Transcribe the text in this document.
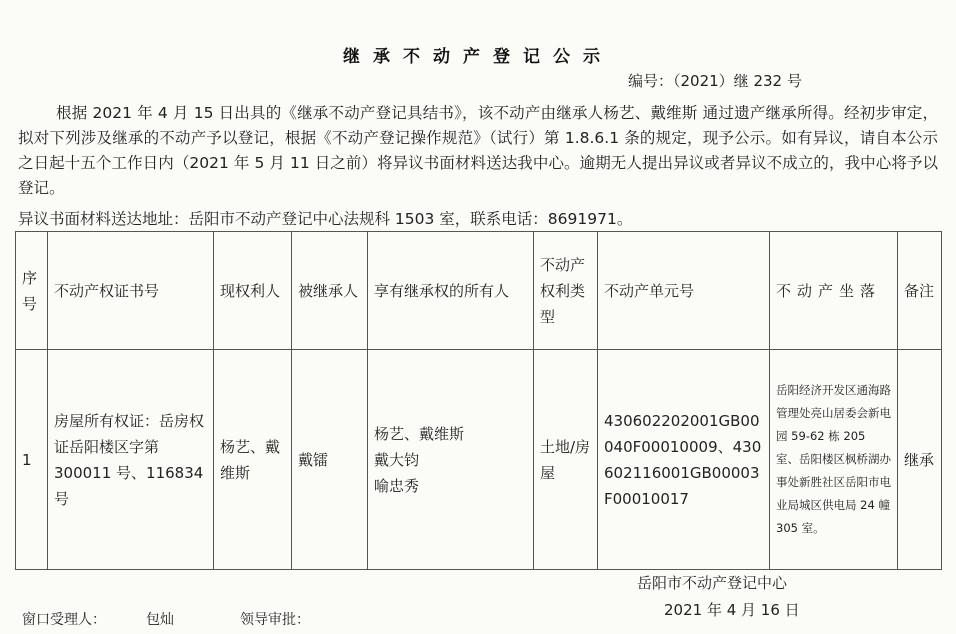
继承不动产登记公示
编号：（2021）继 232 号
根据 2021 年 4 月 15 日出具的《继承不动产登记具结书》，该不动产由继承人杨艺、戴维斯 通过遗产继承所得。经初步审定， 拟对下列涉及继承的不动产予以登记，根据《不动产登记操作规范》（试行）第 1.8.6.1 条的规定，现予公示。如有异议，请自本公示之日起十五个工作日内（2021 年 5 月 11 日之前）将异议书面材料送达我中心。逾期无人提出异议或者异议不成立的，我中心将予以登记。
异议书面材料送达地址：岳阳市不动产登记中心法规科 1503 室，联系电话：8691971。
序号	不动产权证书号	现权利人	被继承人	享有继承权的所有人	不动产权利类型	不动产单元号	不动产坐落	备注
1	房屋所有权证：岳房权证岳阳楼区字第 300011 号、116834 号	杨艺、戴维斯	戴镭	杨艺、戴维斯
戴大钧
喻忠秀	土地/房屋	430602202001GB00040F00010009、430602116001GB00003F00010017	岳阳经济开发区通海路管理处亮山居委会新电园 59-62 栋 205 室、岳阳楼区枫桥湖办事处新胜社区岳阳市电业局城区供电局 24 幢 305 室。	继承
岳阳市不动产登记中心
2021 年 4 月 16 日
窗口受理人：	包灿	领导审批：
